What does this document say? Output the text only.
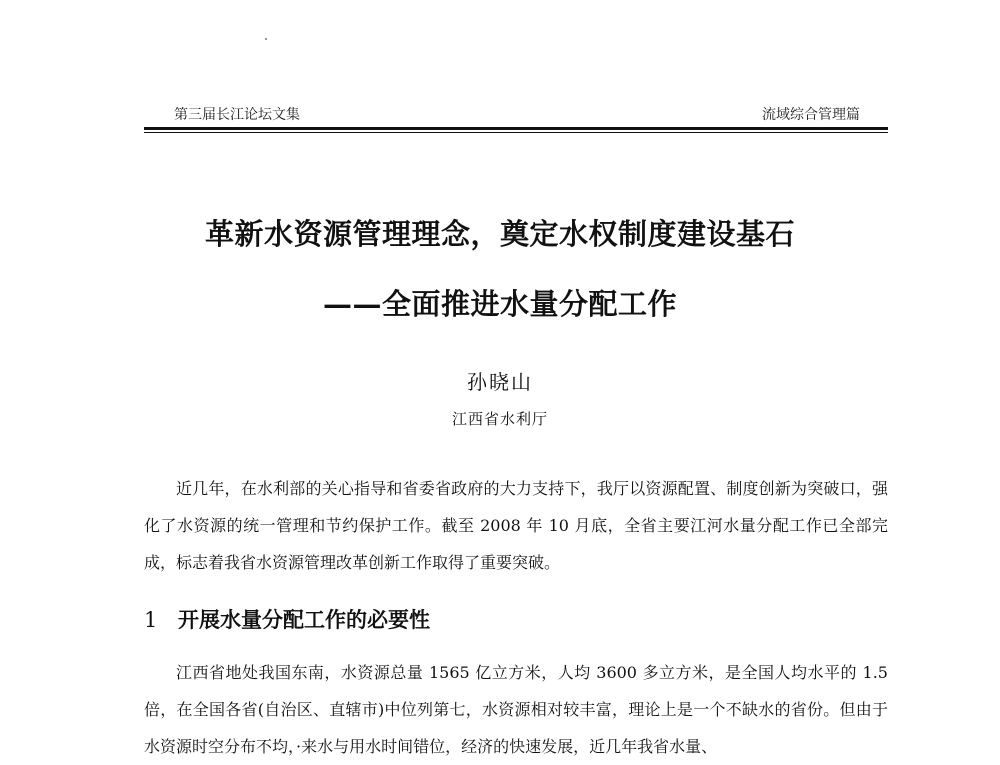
第三届长江论坛文集	流域综合管理篇
革新水资源管理理念，奠定水权制度建设基石
——全面推进水量分配工作
孙晓山
江西省水利厅

近几年，在水利部的关心指导和省委省政府的大力支持下，我厅以资源配置、制度创新为突破口，强化了水资源的统一管理和节约保护工作。截至 2008 年 10 月底，全省主要江河水量分配工作已全部完成，标志着我省水资源管理改革创新工作取得了重要突破。

1 开展水量分配工作的必要性

江西省地处我国东南，水资源总量 1565 亿立方米，人均 3600 多立方米，是全国人均水平的 1.5 倍，在全国各省(自治区、直辖市)中位列第七，水资源相对较丰富，理论上是一个不缺水的省份。但由于水资源时空分布不均，·来水与用水时间错位，经济的快速发展，近几年我省水量、
